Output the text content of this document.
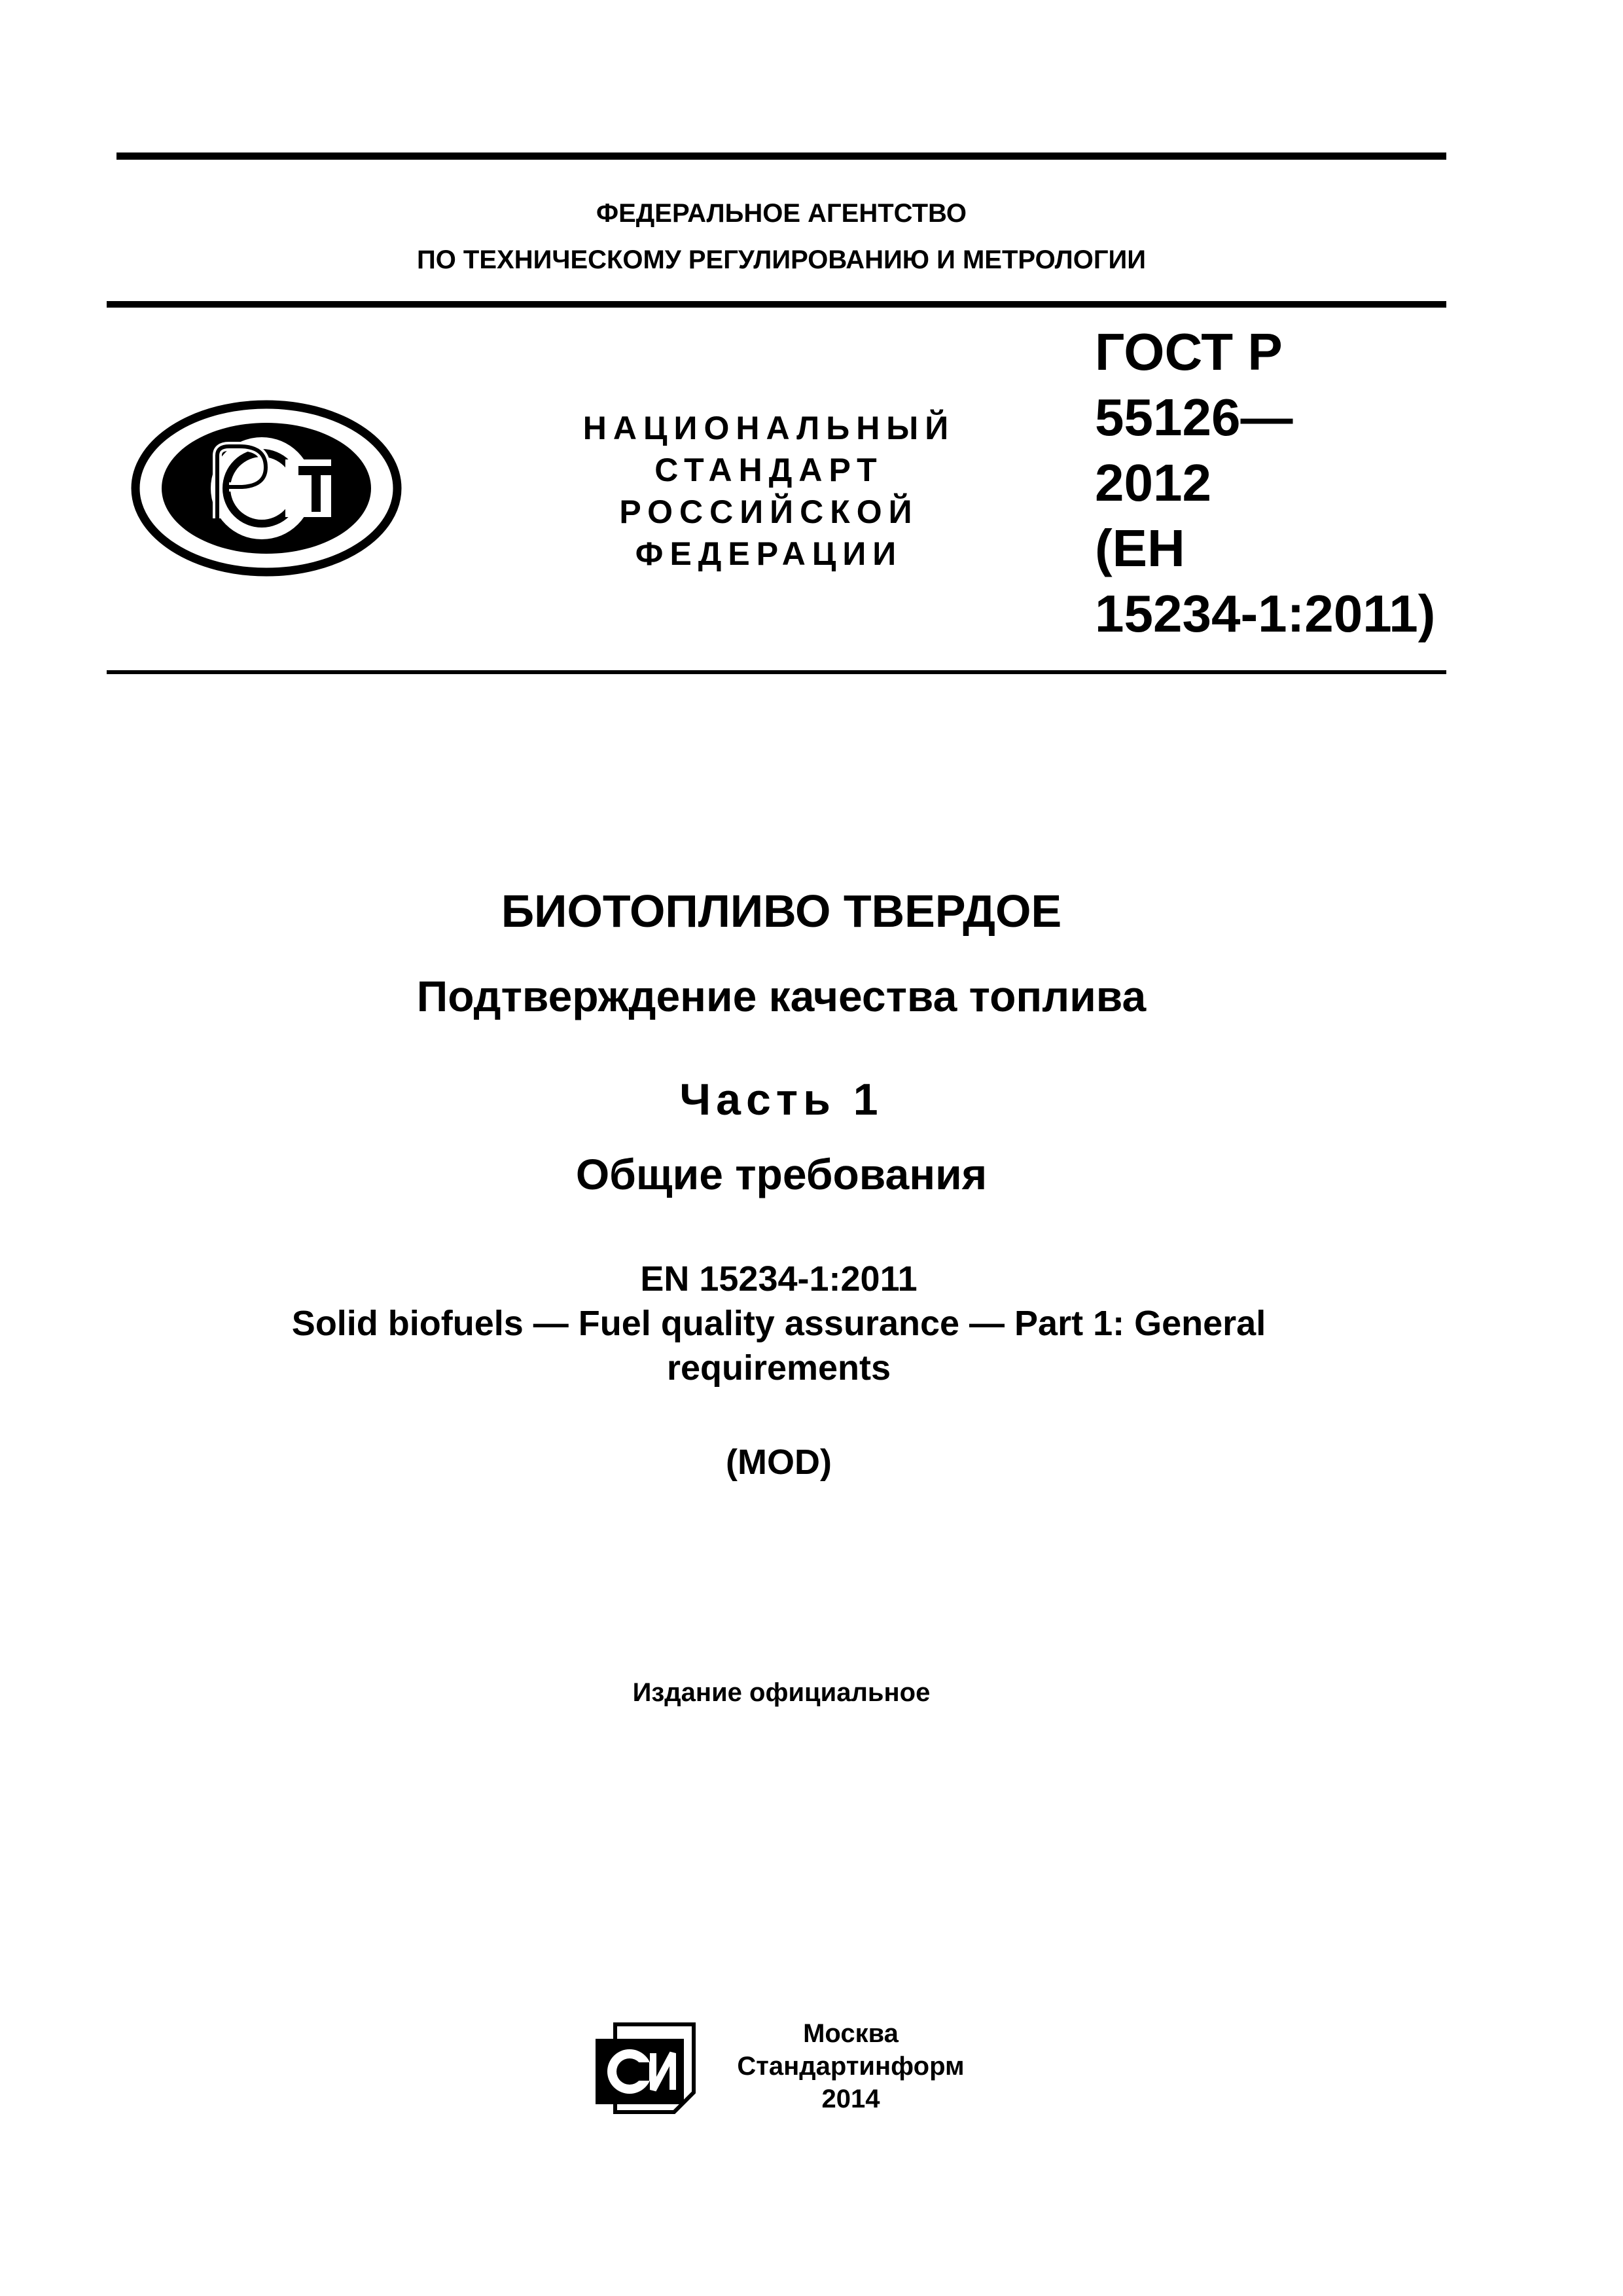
ФЕДЕРАЛЬНОЕ АГЕНТСТВО
ПО ТЕХНИЧЕСКОМУ РЕГУЛИРОВАНИЮ И МЕТРОЛОГИИ
НАЦИОНАЛЬНЫЙ
СТАНДАРТ
РОССИЙСКОЙ
ФЕДЕРАЦИИ
ГОСТ Р
55126—
2012
(ЕН
15234-1:2011)
БИОТОПЛИВО ТВЕРДОЕ
Подтверждение качества топлива
Часть 1
Общие требования
EN 15234-1:2011
Solid biofuels — Fuel quality assurance — Part 1: General requirements
(MOD)
Издание официальное
Москва
Стандартинформ
2014
